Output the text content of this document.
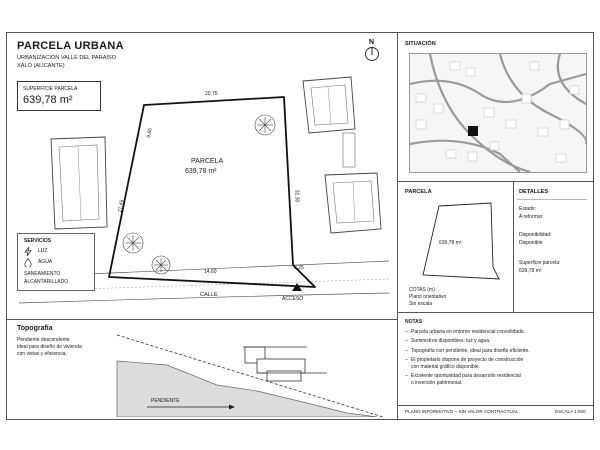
PARCELA URBANA
URBANIZACIÓN VALLE DEL PARAÍSO
XALÓ (ALICANTE)
SUPERFICIE PARCELA
639,78 m²
N
PARCELA
639,78 m²
20,75
9,85
27,45
31,30
14,60
8,25
CALLE
ACCESO
SERVICIOS
LUZ
AGUA
SANEAMIENTO
ALCANTARILLADO
SITUACIÓN
PARCELA
639,78 m²
COTAS (m)
Plano orientativo
Sin escala
DETALLES
Estado:
A reformar
Disponibilidad:
Disponible
Superficie parcela:
639,78 m²
Topografía
Pendiente descendente
ideal para diseño de vivienda
con vistas y eficiencia.
PENDIENTE
NOTAS
– Parcela urbana en entorno residencial consolidado.
– Suministros disponibles: luz y agua.
– Topografía con pendiente, ideal para diseño eficiente.
– El propietario dispone de proyecto de construcción
con material gráfico disponible.
– Excelente oportunidad para desarrollo residencial
o inversión patrimonial.
PLANO INFORMATIVO – SIN VALOR CONTRACTUAL	ESCALA 1:500
